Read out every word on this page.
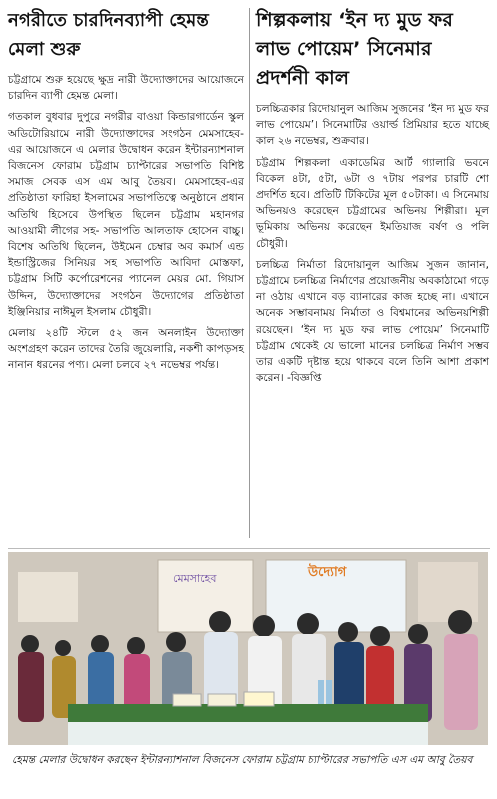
নগরীতে চারদিনব্যাপী হেমন্ত মেলা শুরু

চট্টগ্রামে শুরু হয়েছে ক্ষুদ্র নারী উদ্যোক্তাদের আয়োজনে চারদিন ব্যাপী হেমন্ত মেলা।

গতকাল বুধবার দুপুরে নগরীর বাওয়া কিন্ডারগার্ডেন স্কুল অডিটোরিয়ামে নারী উদ্যোক্তাদের সংগঠন মেমসাহেব-এর আয়োজনে এ মেলার উদ্বোধন করেন ইন্টারন্যাশনাল বিজনেস ফোরাম চট্টগ্রাম চ্যাপ্টারের সভাপতি বিশিষ্ট সমাজ সেবক এস এম আবু তৈয়ব। মেমসাহেব-এর প্রতিষ্ঠাতা ফারিহা ইসলামের সভাপতিত্বে অনুষ্ঠানে প্রধান অতিথি হিসেবে উপস্থিত ছিলেন চট্টগ্রাম মহানগর আওয়ামী লীগের সহ- সভাপতি আলতাফ হোসেন বাচ্চু। বিশেষ অতিথি ছিলেন, উইমেন চেম্বার অব কমার্স এন্ড ইন্ডাস্ট্রিজের সিনিয়র সহ সভাপতি আবিদা মোস্তফা, চট্টগ্রাম সিটি কর্পোরেশনের প্যানেল মেয়র মো. গিয়াস উদ্দিন, উদ্যোক্তাদের সংগঠন উদ্যোগের প্রতিষ্ঠাতা ইঞ্জিনিয়ার নাঈমুল ইসলাম চৌধুরী।

মেলায় ২৪টি স্টলে ৫২ জন অনলাইন উদ্যোক্তা অংশগ্রহণ করেন তাদের তৈরি জুয়েলারি, নকশী কাপড়সহ নানান ধরনের পণ্য। মেলা চলবে ২৭ নভেম্বর পর্যন্ত।

শিল্পকলায় ‘ইন দ্য মুড ফর লাভ পোয়েম’ সিনেমার প্রদর্শনী কাল

চলচ্চিত্রকার রিদোয়ানুল আজিম সুজনের ‘ইন দ্য মুড ফর লাভ পোয়েম’। সিনেমাটির ওয়ার্ল্ড প্রিমিয়ার হতে যাচ্ছে কাল ২৬ নভেম্বর, শুক্রবার।

চট্টগ্রাম শিল্পকলা একাডেমির আর্ট গ্যালারি ভবনে বিকেল ৪টা, ৫টা, ৬টা ও ৭টায় পরপর চারটি শো প্রদর্শিত হবে। প্রতিটি টিকিটের মূল ৫০টাকা। এ সিনেমায় অভিনয়ও করেছেন চট্টগ্রামের অভিনয় শিল্পীরা। মূল ভূমিকায় অভিনয় করেছেন ইমতিয়াজ বর্ষণ ও পলি চৌধুরী।

চলচ্চিত্র নির্মাতা রিদোয়ানুল আজিম সুজন জানান, চট্টগ্রামে চলচ্চিত্র নির্মাণের প্রয়োজনীয় অবকাঠামো গড়ে না ওঠায় এখানে বড় ব্যানারের কাজ হচ্ছে না। এখানে অনেক সম্ভাবনাময় নির্মাতা ও বিশ্বমানের অভিনয়শিল্পী রয়েছেন। ‘ইন দ্য মুড ফর লাভ পোয়েম’ সিনেমাটি চট্টগ্রাম থেকেই যে ভালো মানের চলচ্চিত্র নির্মাণ সম্ভব তার একটি দৃষ্টান্ত হয়ে থাকবে বলে তিনি আশা প্রকাশ করেন। -বিজ্ঞপ্তি

মেমসাহেব	উদ্যোগ

হেমন্ত মেলার উদ্বোধন করছেন ইন্টারন্যাশনাল বিজনেস ফোরাম চট্টগ্রাম চ্যাপ্টারের সভাপতি এস এম আবু তৈয়ব
